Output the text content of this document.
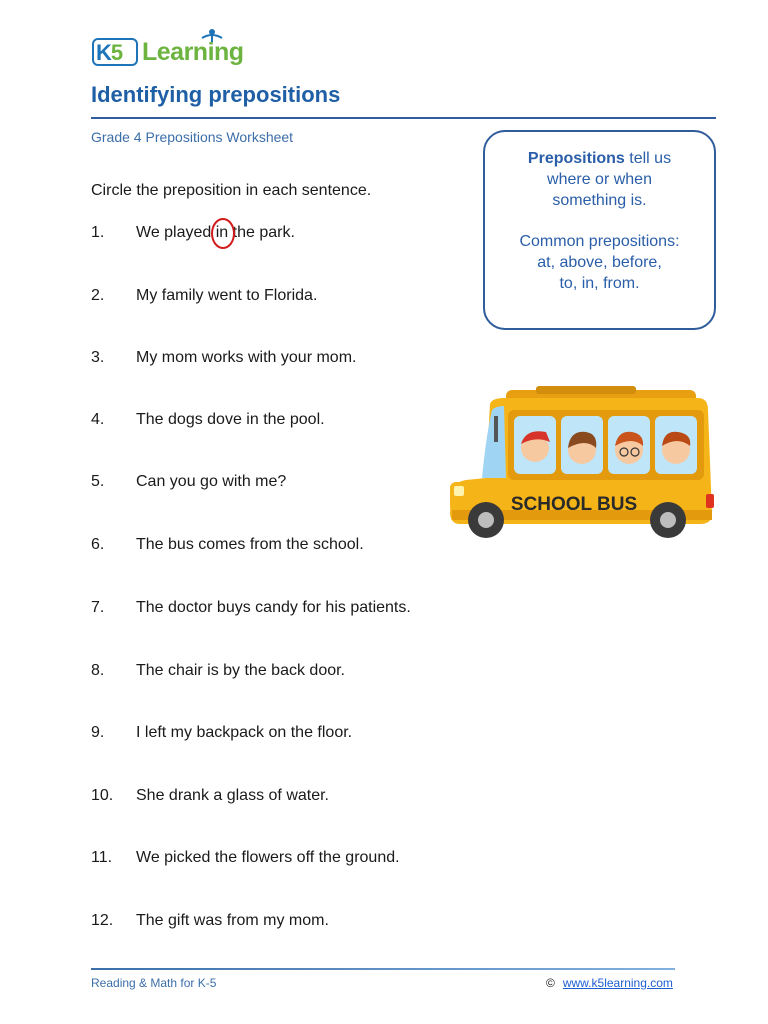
K5 Learning
Identifying prepositions
Grade 4 Prepositions Worksheet
Circle the preposition in each sentence.
1. We played in the park.
2. My family went to Florida.
3. My mom works with your mom.
4. The dogs dove in the pool.
5. Can you go with me?
6. The bus comes from the school.
7. The doctor buys candy for his patients.
8. The chair is by the back door.
9. I left my backpack on the floor.
10. She drank a glass of water.
11. We picked the flowers off the ground.
12. The gift was from my mom.
Prepositions tell us
where or when
something is.
Common prepositions:
at, above, before,
to, in, from.
SCHOOL BUS
Reading & Math for K-5	© www.k5learning.com
